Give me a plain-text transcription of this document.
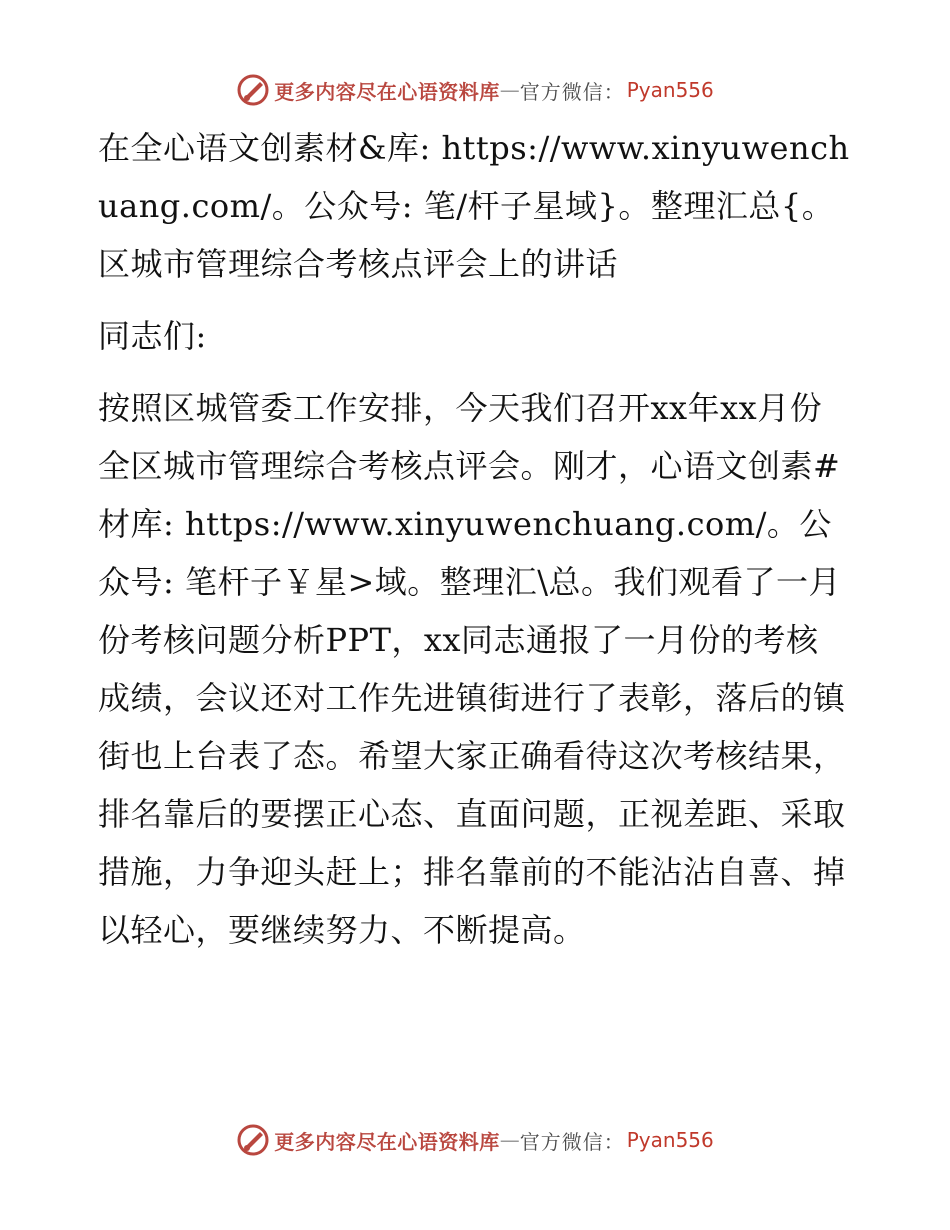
更多内容尽在心语资料库 — 官方微信： Pyan556

在全心语文创素材&库: https://www.xinyuwenchuang.com/。公众号: 笔/杆子星域}。整理汇总{。区城市管理综合考核点评会上的讲话

同志们:

按照区城管委工作安排，今天我们召开xx年xx月份全区城市管理综合考核点评会。刚才，心语文创素#材库: https://www.xinyuwenchuang.com/。公众号: 笔杆子￥星>域。整理汇\总。我们观看了一月份考核问题分析PPT，xx同志通报了一月份的考核成绩，会议还对工作先进镇街进行了表彰，落后的镇街也上台表了态。希望大家正确看待这次考核结果，排名靠后的要摆正心态、直面问题，正视差距、采取措施，力争迎头赶上；排名靠前的不能沾沾自喜、掉以轻心，要继续努力、不断提高。

更多内容尽在心语资料库 — 官方微信： Pyan556
